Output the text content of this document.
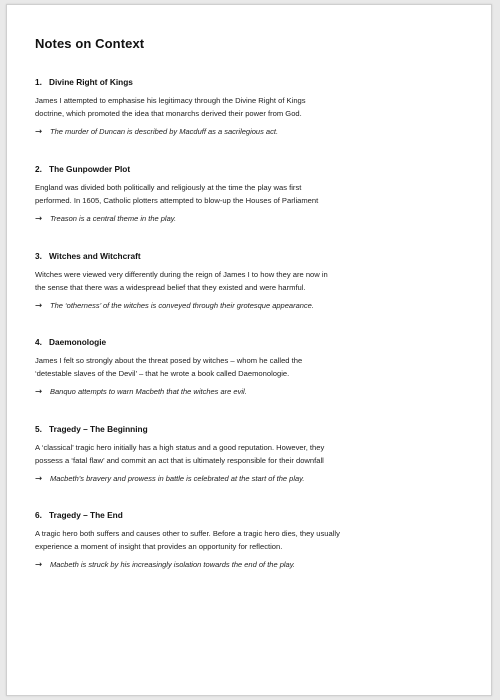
Notes on Context

1. Divine Right of Kings

James I attempted to emphasise his legitimacy through the Divine Right of Kings
doctrine, which promoted the idea that monarchs derived their power from God.

→ The murder of Duncan is described by Macduff as a sacrilegious act.

2. The Gunpowder Plot

England was divided both politically and religiously at the time the play was first
performed. In 1605, Catholic plotters attempted to blow-up the Houses of Parliament

→ Treason is a central theme in the play.

3. Witches and Witchcraft

Witches were viewed very differently during the reign of James I to how they are now in
the sense that there was a widespread belief that they existed and were harmful.

→ The ‘otherness’ of the witches is conveyed through their grotesque appearance.

4. Daemonologie

James I felt so strongly about the threat posed by witches – whom he called the
‘detestable slaves of the Devil’ – that he wrote a book called Daemonologie.

→ Banquo attempts to warn Macbeth that the witches are evil.

5. Tragedy – The Beginning

A ‘classical’ tragic hero initially has a high status and a good reputation. However, they
possess a ‘fatal flaw’ and commit an act that is ultimately responsible for their downfall

→ Macbeth’s bravery and prowess in battle is celebrated at the start of the play.

6. Tragedy – The End

A tragic hero both suffers and causes other to suffer. Before a tragic hero dies, they usually
experience a moment of insight that provides an opportunity for reflection.

→ Macbeth is struck by his increasingly isolation towards the end of the play.
